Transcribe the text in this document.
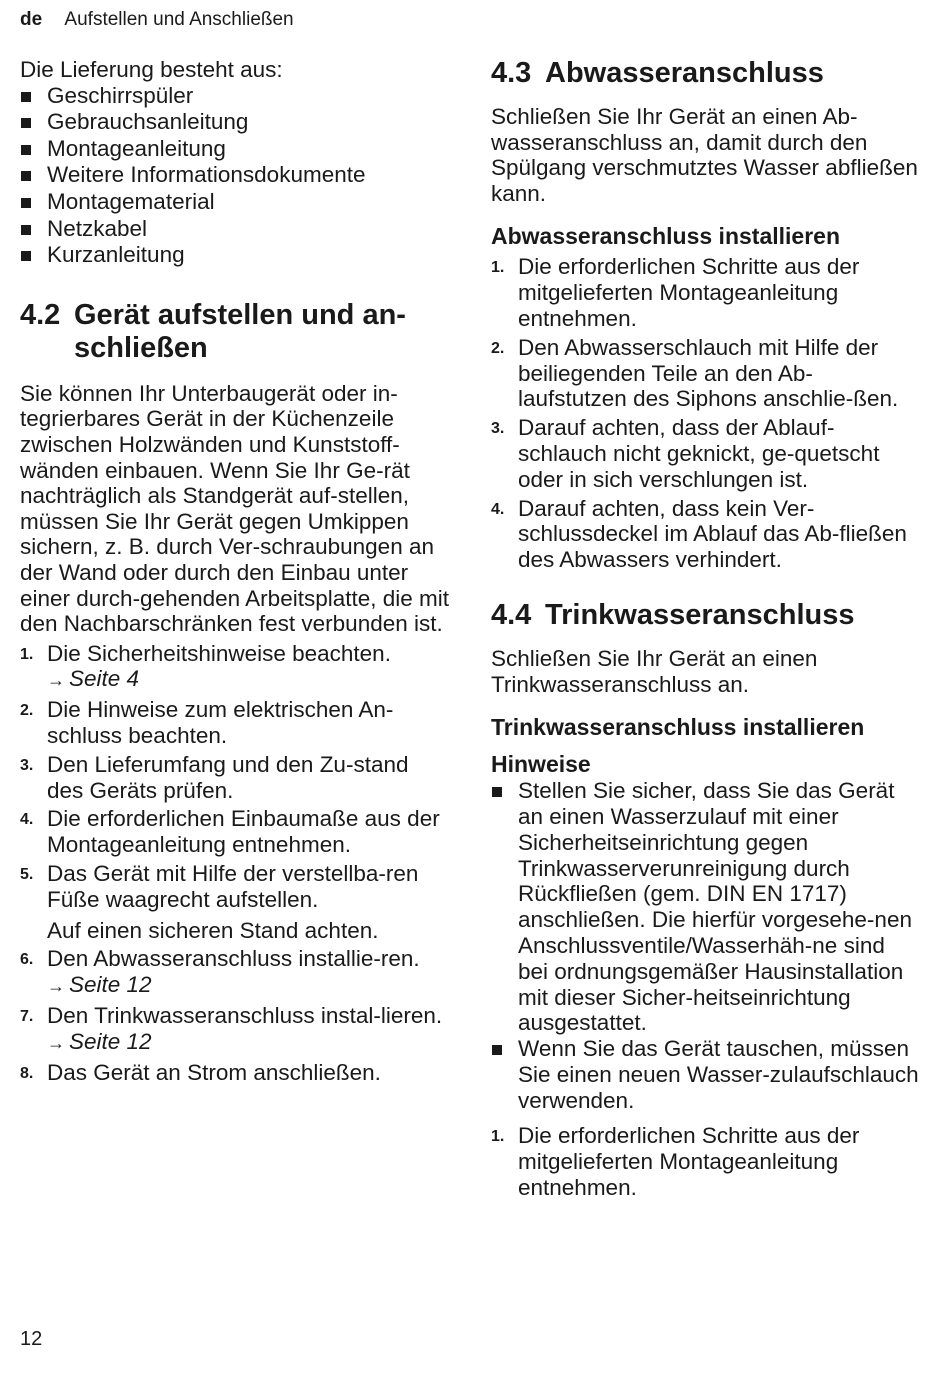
de Aufstellen und Anschließen

Die Lieferung besteht aus:

Geschirrspüler
Gebrauchsanleitung
Montageanleitung
Weitere Informationsdokumente
Montagematerial
Netzkabel
Kurzanleitung
4.2 Gerät aufstellen und an-schließen

Sie können Ihr Unterbaugerät oder in-tegrierbares Gerät in der Küchenzeile zwischen Holzwänden und Kunststoff-wänden einbauen. Wenn Sie Ihr Ge-rät nachträglich als Standgerät auf-stellen, müssen Sie Ihr Gerät gegen Umkippen sichern, z. B. durch Ver-schraubungen an der Wand oder durch den Einbau unter einer durch-gehenden Arbeitsplatte, die mit den Nachbarschränken fest verbunden ist.

1. Die Sicherheitshinweise beachten.
→ Seite 4
2. Die Hinweise zum elektrischen An-schluss beachten.
3. Den Lieferumfang und den Zu-stand des Geräts prüfen.
4. Die erforderlichen Einbaumaße aus der Montageanleitung entnehmen.
5. Das Gerät mit Hilfe der verstellba-ren Füße waagrecht aufstellen.
Auf einen sicheren Stand achten.
6. Den Abwasseranschluss installie-ren. → Seite 12
7. Den Trinkwasseranschluss instal-lieren. → Seite 12
8. Das Gerät an Strom anschließen.
4.3 Abwasseranschluss

Schließen Sie Ihr Gerät an einen Ab-wasseranschluss an, damit durch den Spülgang verschmutztes Wasser abfließen kann.

Abwasseranschluss installieren
1. Die erforderlichen Schritte aus der mitgelieferten Montageanleitung entnehmen.
2. Den Abwasserschlauch mit Hilfe der beiliegenden Teile an den Ab-laufstutzen des Siphons anschlie-ßen.
3. Darauf achten, dass der Ablauf-schlauch nicht geknickt, ge-quetscht oder in sich verschlungen ist.
4. Darauf achten, dass kein Ver-schlussdeckel im Ablauf das Ab-fließen des Abwassers verhindert.
4.4 Trinkwasseranschluss

Schließen Sie Ihr Gerät an einen Trinkwasseranschluss an.

Trinkwasseranschluss installieren
Hinweise
Stellen Sie sicher, dass Sie das Gerät an einen Wasserzulauf mit einer Sicherheitseinrichtung gegen Trinkwasserverunreinigung durch Rückfließen (gem. DIN EN 1717) anschließen. Die hierfür vorgesehe-nen Anschlussventile/Wasserhäh-ne sind bei ordnungsgemäßer Hausinstallation mit dieser Sicher-heitseinrichtung ausgestattet.
Wenn Sie das Gerät tauschen, müssen Sie einen neuen Wasser-zulaufschlauch verwenden.
1. Die erforderlichen Schritte aus der mitgelieferten Montageanleitung entnehmen.
12
